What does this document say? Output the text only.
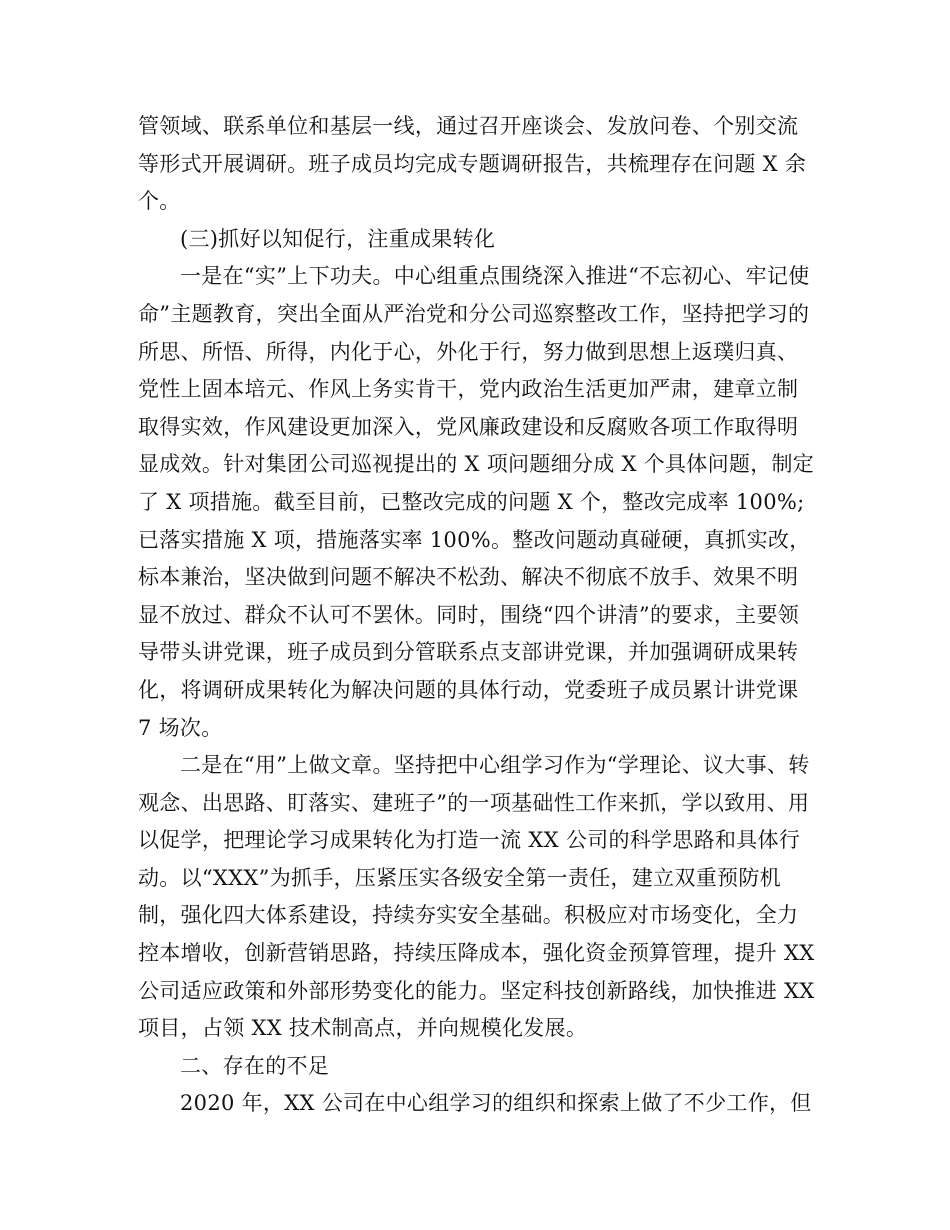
管领域、联系单位和基层一线，通过召开座谈会、发放问卷、个别交流等形式开展调研。班子成员均完成专题调研报告，共梳理存在问题 X 余个。

(三)抓好以知促行，注重成果转化

一是在“实”上下功夫。中心组重点围绕深入推进“不忘初心、牢记使命”主题教育，突出全面从严治党和分公司巡察整改工作，坚持把学习的所思、所悟、所得，内化于心，外化于行，努力做到思想上返璞归真、党性上固本培元、作风上务实肯干，党内政治生活更加严肃，建章立制取得实效，作风建设更加深入，党风廉政建设和反腐败各项工作取得明显成效。针对集团公司巡视提出的 X 项问题细分成 X 个具体问题，制定了 X 项措施。截至目前，已整改完成的问题 X 个，整改完成率 100%;已落实措施 X 项，措施落实率 100%。整改问题动真碰硬，真抓实改，标本兼治，坚决做到问题不解决不松劲、解决不彻底不放手、效果不明显不放过、群众不认可不罢休。同时，围绕“四个讲清”的要求，主要领导带头讲党课，班子成员到分管联系点支部讲党课，并加强调研成果转化，将调研成果转化为解决问题的具体行动，党委班子成员累计讲党课 7 场次。

二是在“用”上做文章。坚持把中心组学习作为“学理论、议大事、转观念、出思路、盯落实、建班子”的一项基础性工作来抓，学以致用、用以促学，把理论学习成果转化为打造一流 XX 公司的科学思路和具体行动。以“XXX”为抓手，压紧压实各级安全第一责任，建立双重预防机制，强化四大体系建设，持续夯实安全基础。积极应对市场变化，全力控本增收，创新营销思路，持续压降成本，强化资金预算管理，提升 XX 公司适应政策和外部形势变化的能力。坚定科技创新路线，加快推进 XX 项目，占领 XX 技术制高点，并向规模化发展。

二、存在的不足

2020 年，XX 公司在中心组学习的组织和探索上做了不少工作，但
